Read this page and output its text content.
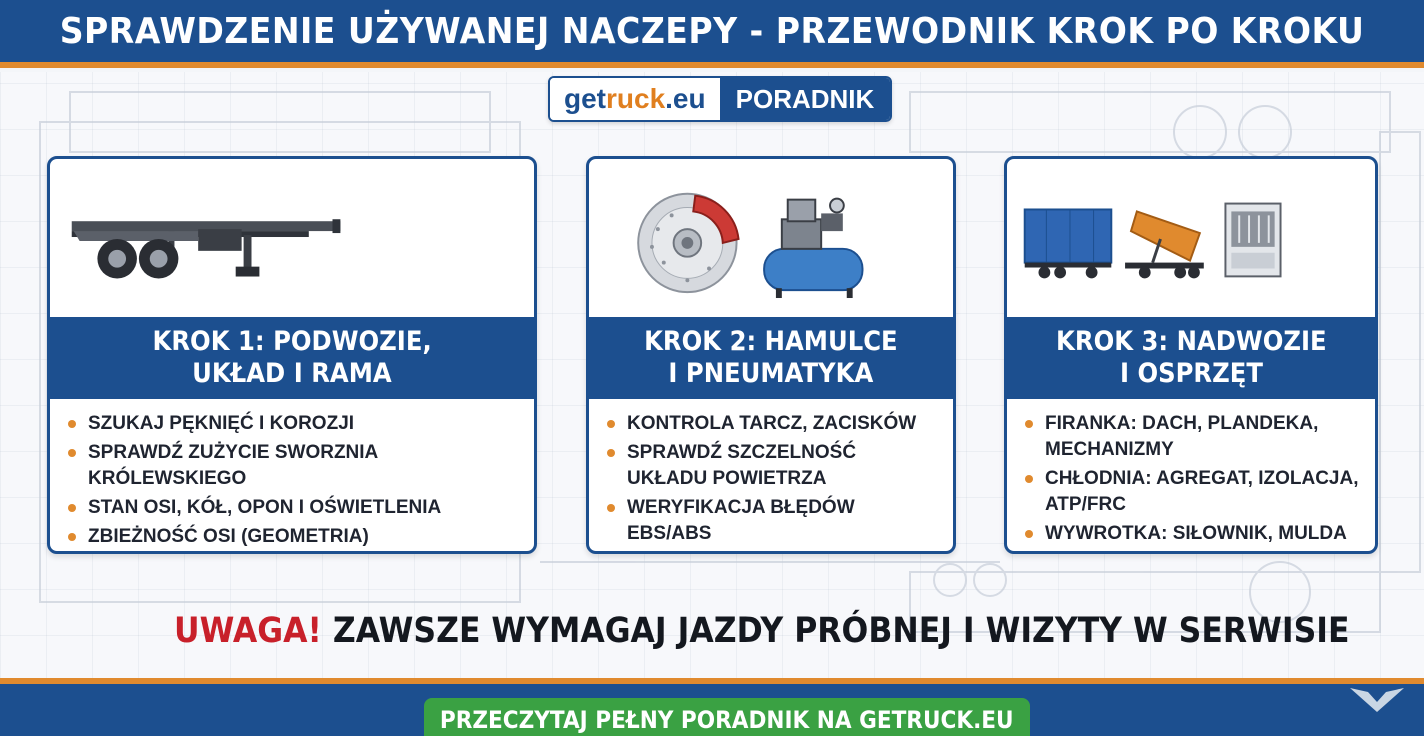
SPRAWDZENIE UŻYWANEJ NACZEPY - PRZEWODNIK KROK PO KROKU
get ruck .eu	PORADNIK
KROK 1: PODWOZIE,
UKŁAD I RAMA
SZUKAJ PĘKNIĘĆ I KOROZJI
SPRAWDŹ ZUŻYCIE SWORZNIA KRÓLEWSKIEGO
STAN OSI, KÓŁ, OPON I OŚWIETLENIA
ZBIEŻNOŚĆ OSI (GEOMETRIA)
KROK 2: HAMULCE
I PNEUMATYKA
KONTROLA TARCZ, ZACISKÓW
SPRAWDŹ SZCZELNOŚĆ UKŁADU POWIETRZA
WERYFIKACJA BŁĘDÓW EBS/ABS
KROK 3: NADWOZIE
I OSPRZĘT
FIRANKA: DACH, PLANDEKA, MECHANIZMY
CHŁODNIA: AGREGAT, IZOLACJA, ATP/FRC
WYWROTKA: SIŁOWNIK, MULDA
UWAGA! ZAWSZE WYMAGAJ JAZDY PRÓBNEJ I WIZYTY W SERWISIE
PRZECZYTAJ PEŁNY PORADNIK NA GETRUCK.EU
